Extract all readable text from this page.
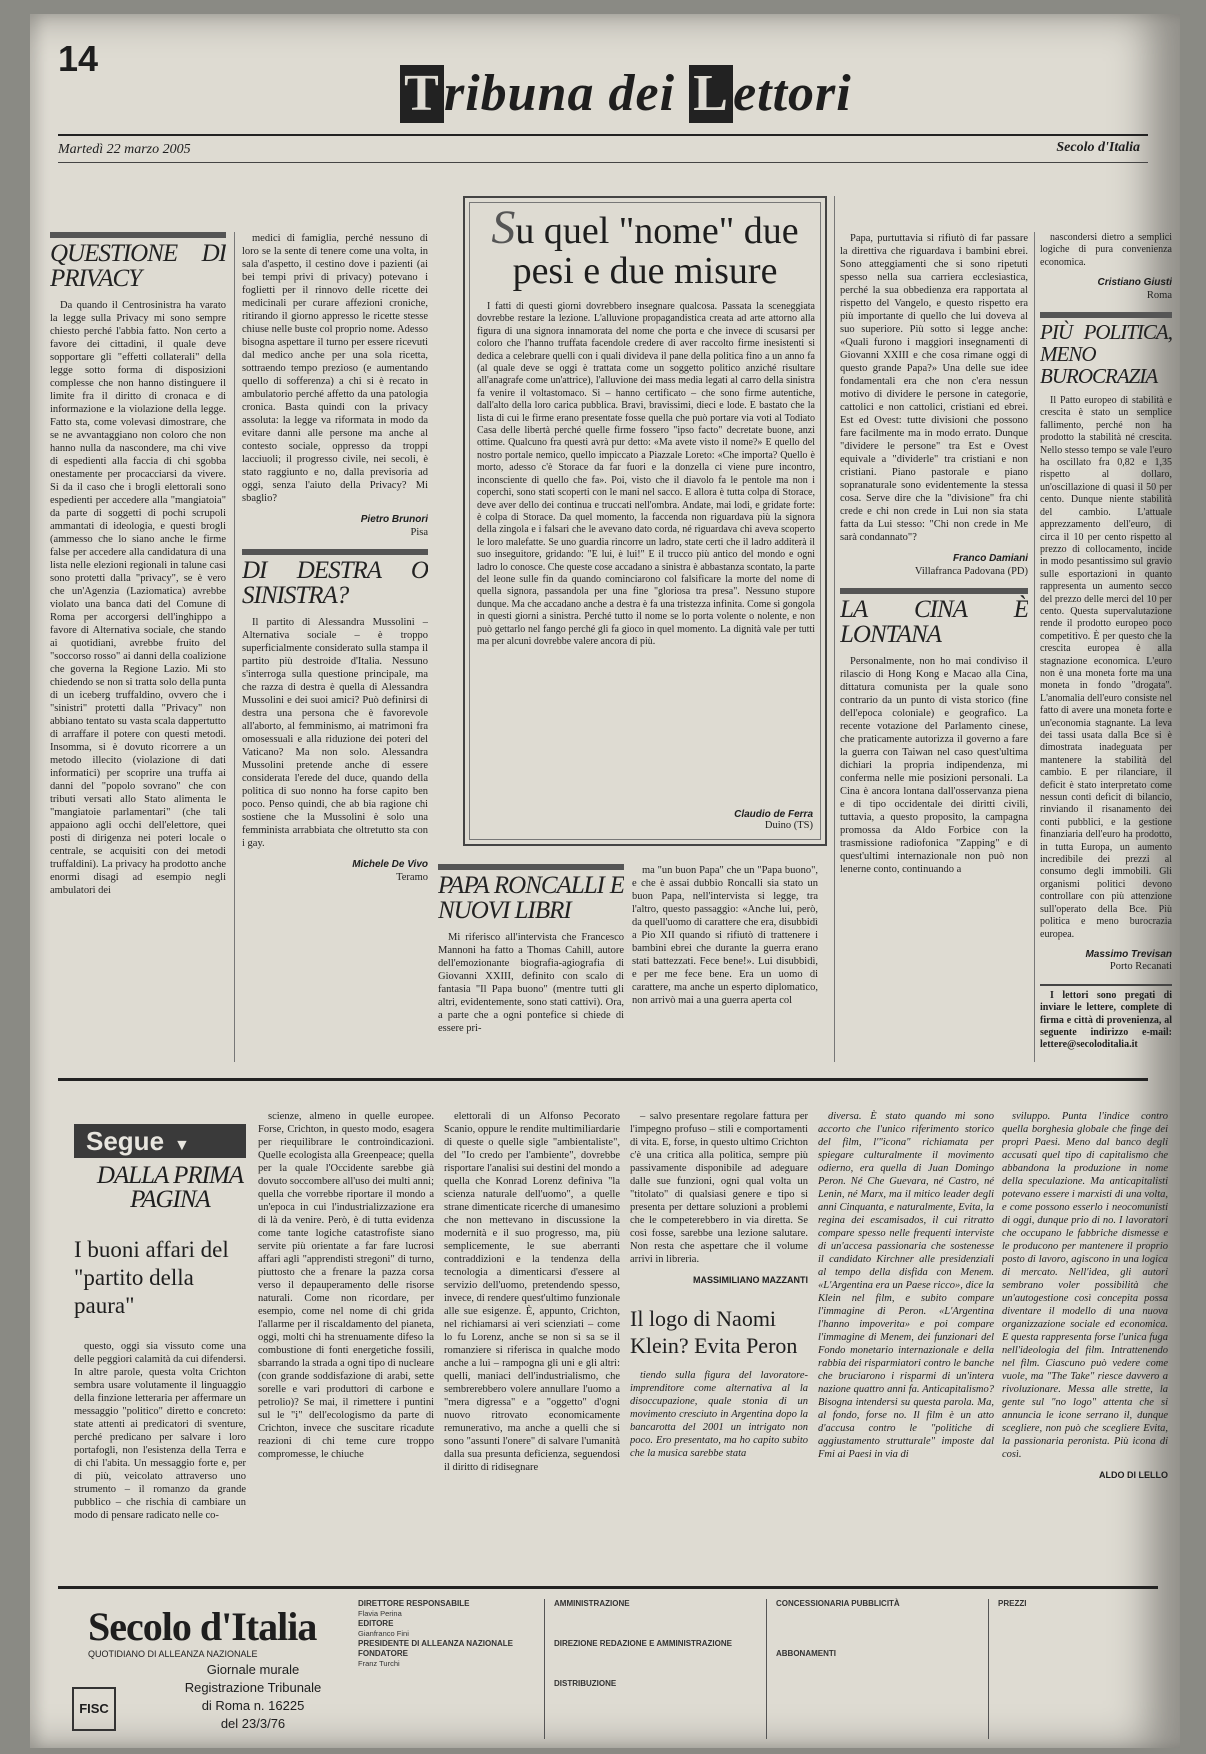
14
Tribuna dei Lettori
Martedì 22 marzo 2005	Secolo d'Italia
QUESTIONE DI PRIVACY

Da quando il Centrosinistra ha varato la legge sulla Privacy mi sono sempre chiesto perché l'abbia fatto. Non certo a favore dei cittadini, il quale deve sopportare gli "effetti collaterali" della legge sotto forma di disposizioni complesse che non hanno distinguere il limite fra il diritto di cronaca e di informazione e la violazione della legge. Fatto sta, come volevasi dimostrare, che se ne avvantaggiano non coloro che non hanno nulla da nascondere, ma chi vive di espedienti alla faccia di chi sgobba onestamente per procacciarsi da vivere. Si da il caso che i brogli elettorali sono espedienti per accedere alla "mangiatoia" da parte di soggetti di pochi scrupoli ammantati di ideologia, e questi brogli (ammesso che lo siano anche le firme false per accedere alla candidatura di una lista nelle elezioni regionali in talune casi sono protetti dalla "privacy", se è vero che un'Agenzia (Laziomatica) avrebbe violato una banca dati del Comune di Roma per accorgersi dell'inghippo a favore di Alternativa sociale, che stando ai quotidiani, avrebbe fruito del "soccorso rosso" ai danni della coalizione che governa la Regione Lazio. Mi sto chiedendo se non si tratta solo della punta di un iceberg truffaldino, ovvero che i "sinistri" protetti dalla "Privacy" non abbiano tentato su vasta scala dappertutto di arraffare il potere con questi metodi. Insomma, si è dovuto ricorrere a un metodo illecito (violazione di dati informatici) per scoprire una truffa ai danni del "popolo sovrano" che con tributi versati allo Stato alimenta le "mangiatoie parlamentari" (che tali appaiono agli occhi dell'elettore, quei posti di dirigenza nei poteri locale o centrale, se acquisiti con dei metodi truffaldini). La privacy ha prodotto anche enormi disagi ad esempio negli ambulatori dei

medici di famiglia, perché nessuno di loro se la sente di tenere come una volta, in sala d'aspetto, il cestino dove i pazienti (ai bei tempi privi di privacy) potevano i foglietti per il rinnovo delle ricette dei medicinali per curare affezioni croniche, ritirando il giorno appresso le ricette stesse chiuse nelle buste col proprio nome. Adesso bisogna aspettare il turno per essere ricevuti dal medico anche per una sola ricetta, sottraendo tempo prezioso (e aumentando quello di sofferenza) a chi si è recato in ambulatorio perché affetto da una patologia cronica. Basta quindi con la privacy assoluta: la legge va riformata in modo da evitare danni alle persone ma anche al contesto sociale, oppresso da troppi lacciuoli; il progresso civile, nei secoli, è stato raggiunto e no, dalla previsoria ad oggi, senza l'aiuto della Privacy? Mi sbaglio?

Pietro Brunori
Pisa
DI DESTRA O SINISTRA?

Il partito di Alessandra Mussolini – Alternativa sociale – è troppo superficialmente considerato sulla stampa il partito più destroide d'Italia. Nessuno s'interroga sulla questione principale, ma che razza di destra è quella di Alessandra Mussolini e dei suoi amici? Può definirsi di destra una persona che è favorevole all'aborto, al femminismo, ai matrimoni fra omosessuali e alla riduzione dei poteri del Vaticano? Ma non solo. Alessandra Mussolini pretende anche di essere considerata l'erede del duce, quando della politica di suo nonno ha forse capito ben poco. Penso quindi, che ab bia ragione chi sostiene che la Mussolini è solo una femminista arrabbiata che oltretutto sta con i gay.

Michele De Vivo
Teramo
Su quel "nome" due pesi e due misure

I fatti di questi giorni dovrebbero insegnare qualcosa. Passata la sceneggiata dovrebbe restare la lezione. L'alluvione propagandistica creata ad arte attorno alla figura di una signora innamorata del nome che porta e che invece di scusarsi per coloro che l'hanno truffata facendole credere di aver raccolto firme inesistenti si dedica a celebrare quelli con i quali divideva il pane della politica fino a un anno fa (al quale deve se oggi è trattata come un soggetto politico anziché risultare all'anagrafe come un'attrice), l'alluvione dei mass media legati al carro della sinistra fa venire il voltastomaco. Si – hanno certificato – che sono firme autentiche, dall'alto della loro carica pubblica. Bravi, bravissimi, dieci e lode. E bastato che la lista di cui le firme erano presentate fosse quella che può portare via voti al Todiato Casa delle libertà perché quelle firme fossero "ipso facto" decretate buone, anzi ottime. Qualcuno fra questi avrà pur detto: «Ma avete visto il nome?» E quello del nostro portale nemico, quello impiccato a Piazzale Loreto: «Che importa? Quello è morto, adesso c'è Storace da far fuori e la donzella ci viene pure incontro, inconsciente di quello che fa». Poi, visto che il diavolo fa le pentole ma non i coperchi, sono stati scoperti con le mani nel sacco. E allora è tutta colpa di Storace, deve aver dello dei continua e truccati nell'ombra. Andate, mai lodi, e gridate forte: è colpa di Storace. Da quel momento, la faccenda non riguardava più la signora della zingola e i falsari che le avevano dato corda, né riguardava chi aveva scoperto le loro malefatte. Se uno guardia rincorre un ladro, state certi che il ladro additerà il suo inseguitore, gridando: "E lui, è lui!" E il trucco più antico del mondo e ogni ladro lo conosce. Che queste cose accadano a sinistra è abbastanza scontato, la parte del leone sulle fin da quando cominciarono col falsificare la morte del nome di quella signora, passandola per una fine "gloriosa tra presa". Nessuno stupore dunque. Ma che accadano anche a destra è fa una tristezza infinita. Come si gongola in questi giorni a sinistra. Perché tutto il nome se lo porta volente o nolente, e non può gettarlo nel fango perché gli fa gioco in quel momento. La dignità vale per tutti ma per alcuni dovrebbe valere ancora di più.

Claudio de Ferra
Duino (TS)
PAPA RONCALLI E NUOVI LIBRI

Mi riferisco all'intervista che Francesco Mannoni ha fatto a Thomas Cahill, autore dell'emozionante biografia-agiografia di Giovanni XXIII, definito con scalo di fantasia "Il Papa buono" (mentre tutti gli altri, evidentemente, sono stati cattivi). Ora, a parte che a ogni pontefice si chiede di essere pri-

ma "un buon Papa" che un "Papa buono", e che è assai dubbio Roncalli sia stato un buon Papa, nell'intervista si legge, tra l'altro, questo passaggio: «Anche lui, però, da quell'uomo di carattere che era, disubbidì a Pio XII quando si rifiutò di trattenere i bambini ebrei che durante la guerra erano stati battezzati. Fece bene!». Lui disubbidì, e per me fece bene. Era un uomo di carattere, ma anche un esperto diplomatico, non arrivò mai a una guerra aperta col

Papa, purtuttavia si rifiutò di far passare la direttiva che riguardava i bambini ebrei. Sono atteggiamenti che si sono ripetuti spesso nella sua carriera ecclesiastica, perché la sua obbedienza era rapportata al rispetto del Vangelo, e questo rispetto era più importante di quello che lui doveva al suo superiore. Più sotto si legge anche: «Quali furono i maggiori insegnamenti di Giovanni XXIII e che cosa rimane oggi di questo grande Papa?» Una delle sue idee fondamentali era che non c'era nessun motivo di dividere le persone in categorie, cattolici e non cattolici, cristiani ed ebrei. Est ed Ovest: tutte divisioni che possono fare facilmente ma in modo errato. Dunque "dividere le persone" tra Est e Ovest equivale a "dividerle" tra cristiani e non cristiani. Piano pastorale e piano sopranaturale sono evidentemente la stessa cosa. Serve dire che la "divisione" fra chi crede e chi non crede in Lui non sia stata fatta da Lui stesso: "Chi non crede in Me sarà condannato"?

Franco Damiani
Villafranca Padovana (PD)
LA CINA È LONTANA

Personalmente, non ho mai condiviso il rilascio di Hong Kong e Macao alla Cina, dittatura comunista per la quale sono contrario da un punto di vista storico (fine dell'epoca coloniale) e geografico. La recente votazione del Parlamento cinese, che praticamente autorizza il governo a fare la guerra con Taiwan nel caso quest'ultima dichiari la propria indipendenza, mi conferma nelle mie posizioni personali. La Cina è ancora lontana dall'osservanza piena e di tipo occidentale dei diritti civili, tuttavia, a questo proposito, la campagna promossa da Aldo Forbice con la trasmissione radiofonica "Zapping" e di quest'ultimi internazionale non può non lenerne conto, continuando a

nascondersi dietro a semplici logiche di pura convenienza economica.

Cristiano Giusti
Roma
PIÙ POLITICA, MENO BUROCRAZIA

Il Patto europeo di stabilità e crescita è stato un semplice fallimento, perché non ha prodotto la stabilità né crescita. Nello stesso tempo se vale l'euro ha oscillato fra 0,82 e 1,35 rispetto al dollaro, un'oscillazione di quasi il 50 per cento. Dunque niente stabilità del cambio. L'attuale apprezzamento dell'euro, di circa il 10 per cento rispetto al prezzo di collocamento, incide in modo pesantissimo sul gravio sulle esportazioni in quanto rappresenta un aumento secco del prezzo delle merci del 10 per cento. Questa supervalutazione rende il prodotto europeo poco competitivo. È per questo che la crescita europea è alla stagnazione economica. L'euro non è una moneta forte ma una moneta in fondo "drogata". L'anomalia dell'euro consiste nel fatto di avere una moneta forte e un'economia stagnante. La leva dei tassi usata dalla Bce si è dimostrata inadeguata per mantenere la stabilità del cambio. E per rilanciare, il deficit è stato interpretato come nessun conti deficit di bilancio, rinviando il risanamento dei conti pubblici, e la gestione finanziaria dell'euro ha prodotto, in tutta Europa, un aumento incredibile dei prezzi al consumo degli immobili. Gli organismi politici devono controllare con più attenzione sull'operato della Bce. Più politica e meno burocrazia europea.

Massimo Trevisan
Porto Recanati

I lettori sono pregati di inviare le lettere, complete di firma e città di provenienza, al seguente indirizzo e-mail: lettere@secoloditalia.it

Segue ▼
DALLA PRIMA PAGINA
I buoni affari del "partito della paura"

questo, oggi sia vissuto come una delle peggiori calamità da cui difendersi. In altre parole, questa volta Crichton sembra usare volutamente il linguaggio della finzione letteraria per affermare un messaggio "politico" diretto e concreto: state attenti ai predicatori di sventure, perché predicano per salvare i loro portafogli, non l'esistenza della Terra e di chi l'abita. Un messaggio forte e, per di più, veicolato attraverso uno strumento – il romanzo da grande pubblico – che rischia di cambiare un modo di pensare radicato nelle co-

scienze, almeno in quelle europee. Forse, Crichton, in questo modo, esagera per riequilibrare le controindicazioni. Quelle ecologista alla Greenpeace; quella per la quale l'Occidente sarebbe già dovuto soccombere all'uso dei multi anni; quella che vorrebbe riportare il mondo a un'epoca in cui l'industrializzazione era di là da venire. Però, è di tutta evidenza come tante logiche catastrofiste siano servite più orientate a far fare lucrosi affari agli "apprendisti stregoni" di turno, piuttosto che a frenare la pazza corsa verso il depauperamento delle risorse naturali. Come non ricordare, per esempio, come nel nome di chi grida l'allarme per il riscaldamento del pianeta, oggi, molti chi ha strenuamente difeso la combustione di fonti energetiche fossili, sbarrando la strada a ogni tipo di nucleare (con grande soddisfazione di arabi, sette sorelle e vari produttori di carbone e petrolio)? Se mai, il rimettere i puntini sul le "i" dell'ecologismo da parte di Crichton, invece che suscitare ricadute reazioni di chi teme cure troppo compromesse, le chiuche

elettorali di un Alfonso Pecorato Scanio, oppure le rendite multimiliardarie di queste o quelle sigle "ambientaliste", del "Io credo per l'ambiente", dovrebbe risportare l'analisi sui destini del mondo a quella che Konrad Lorenz definiva "la scienza naturale dell'uomo", a quelle strane dimenticate ricerche di umanesimo che non mettevano in discussione la modernità e il suo progresso, ma, più semplicemente, le sue aberranti contraddizioni e la tendenza della tecnologia a dimenticarsi d'essere al servizio dell'uomo, pretendendo spesso, invece, di rendere quest'ultimo funzionale alle sue esigenze. È, appunto, Crichton, nel richiamarsi ai veri scienziati – come lo fu Lorenz, anche se non si sa se il romanziere si riferisca in qualche modo anche a lui – rampogna gli uni e gli altri: quelli, maniaci dell'industrialismo, che sembrerebbero volere annullare l'uomo a "mera digressa" e a "oggetto" d'ogni nuovo ritrovato economicamente remunerativo, ma anche a quelli che si sono "assunti l'onere" di salvare l'umanità dalla sua presunta deficienza, seguendosi il diritto di ridisegnare

– salvo presentare regolare fattura per l'impegno profuso – stili e comportamenti di vita. E, forse, in questo ultimo Crichton c'è una critica alla politica, sempre più passivamente disponibile ad adeguare dalle sue funzioni, ogni qual volta un "titolato" di qualsiasi genere e tipo si presenta per dettare soluzioni a problemi che le competerebbero in via diretta. Se così fosse, sarebbe una lezione salutare. Non resta che aspettare che il volume arrivi in libreria.

MASSIMILIANO MAZZANTI
Il logo di Naomi Klein? Evita Peron

tiendo sulla figura del lavoratore-imprenditore come alternativa al la disoccupazione, quale stonia di un movimento cresciuto in Argentina dopo la bancarotta del 2001 un intrigato non poco. Ero presentato, ma ho capito subito che la musica sarebbe stata

diversa. È stato quando mi sono accorto che l'unico riferimento storico del film, l'"icona" richiamata per spiegare culturalmente il movimento odierno, era quella di Juan Domingo Peron. Né Che Guevara, né Castro, né Lenin, né Marx, ma il mitico leader degli anni Cinquanta, e naturalmente, Evita, la regina dei escamisados, il cui ritratto compare spesso nelle frequenti interviste di un'accesa passionaria che sostenesse il candidato Kirchner alle presidenziali al tempo della disfida con Menem. «L'Argentina era un Paese ricco», dice la Klein nel film, e subito compare l'immagine di Peron. «L'Argentina l'hanno impoverita» e poi compare l'immagine di Menem, dei funzionari del Fondo monetario internazionale e della rabbia dei risparmiatori contro le banche che bruciarono i risparmi di un'intera nazione quattro anni fa. Anticapitalismo? Bisogna intendersi su questa parola. Ma, al fondo, forse no. Il film è un atto d'accusa contro le "politiche di aggiustamento strutturale" imposte dal Fmi ai Paesi in via di

sviluppo. Punta l'indice contro quella borghesia globale che finge dei propri Paesi. Meno dal banco degli accusati quel tipo di capitalismo che abbandona la produzione in nome della speculazione. Ma anticapitalisti potevano essere i marxisti di una volta, e come possono esserlo i neocomunisti di oggi, dunque prio di no. I lavoratori che occupano le fabbriche dismesse e le producono per mantenere il proprio posto di lavoro, agiscono in una logica di mercato. Nell'idea, gli autori sembrano voler possibilità che un'autogestione così concepita possa diventare il modello di una nuova organizzazione sociale ed economica. E questa rappresenta forse l'unica fuga nell'ideologia del film. Intrattenendo nel film. Ciascuno può vedere come vuole, ma "The Take" riesce davvero a rivoluzionare. Messa alle strette, la gente sul "no logo" attenta che si annuncia le icone serrano il, dunque scegliere, non può che scegliere Evita, la passionaria peronista. Più icona di così.

ALDO DI LELLO
Secolo d'Italia
QUOTIDIANO DI ALLEANZA NAZIONALE
FISC
Giornale murale
Registrazione Tribunale
di Roma n. 16225
del 23/3/76
DIRETTORE RESPONSABILE
Flavia Perina
EDITORE
Gianfranco Fini
PRESIDENTE DI ALLEANZA NAZIONALE
FONDATORE
Franz Turchi
AMMINISTRAZIONE
DIREZIONE REDAZIONE E AMMINISTRAZIONE
DISTRIBUZIONE
CONCESSIONARIA PUBBLICITÀ
ABBONAMENTI
PREZZI
